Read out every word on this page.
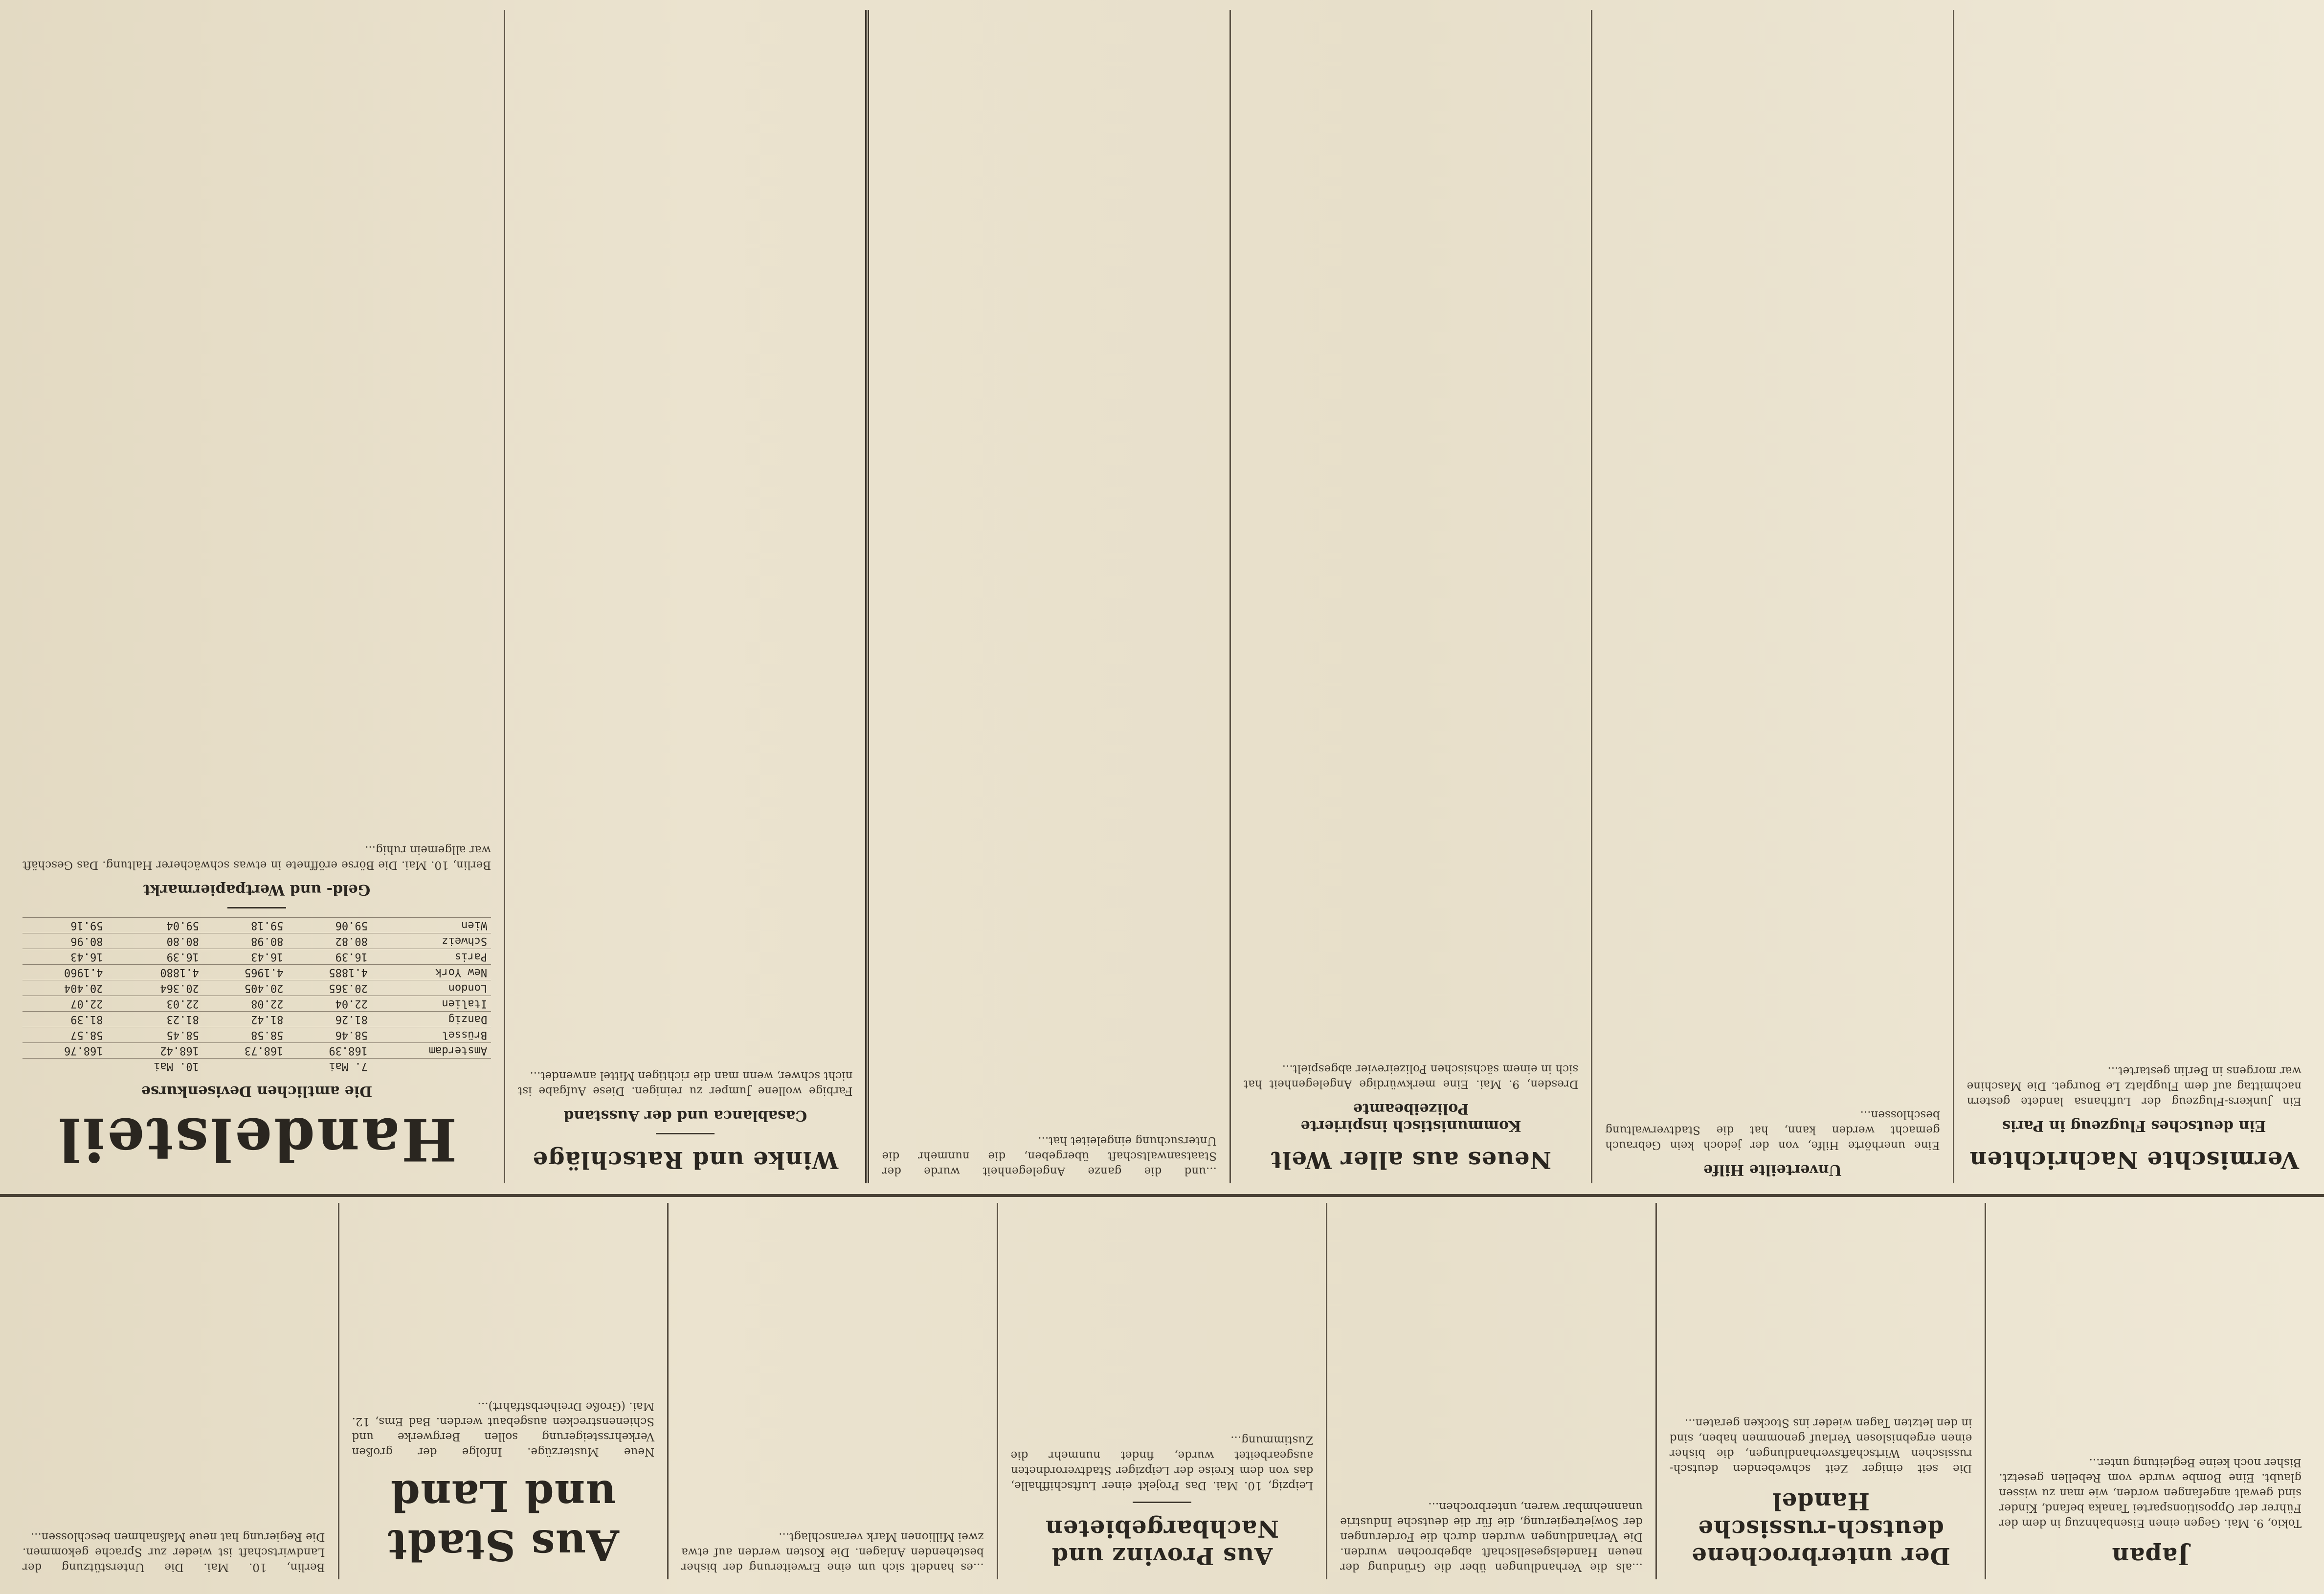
Japan
Tokio, 9. Mai. Gegen einen Eisenbahnzug in dem der Führer der Oppositionspartei Tanaka befand, Kinder sind gewalt angefangen worden, wie man zu wissen glaubt. Eine Bombe wurde vom Rebellen gesetzt. Bisher noch keine Begleitung unter...
Der unterbrochene deutsch-russische Handel
Die seit einiger Zeit schwebenden deutsch-russischen Wirtschaftsverhandlungen, die bisher einen ergebnislosen Verlauf genommen haben, sind in den letzten Tagen wieder ins Stocken geraten...
...als die Verhandlungen über die Gründung der neuen Handelsgesellschaft abgebrochen wurden. Die Verhandlungen wurden durch die Forderungen der Sowjetregierung, die für die deutsche Industrie unannehmbar waren, unterbrochen...
Aus Provinz und Nachbargebieten
Leipzig, 10. Mai. Das Projekt einer Luftschiffhalle, das von dem Kreise der Leipziger Stadtverordneten ausgearbeitet wurde, findet nunmehr die Zustimmung...
...es handelt sich um eine Erweiterung der bisher bestehenden Anlagen. Die Kosten werden auf etwa zwei Millionen Mark veranschlagt...
Aus Stadt und Land
Neue Musterzüge. Infolge der großen Verkehrssteigerung sollen Bergwerke und Schienenstrecken ausgebaut werden. Bad Ems, 12. Mai. (Große Dreiherbstfahrt)...
Berlin, 10. Mai. Die Unterstützung der Landwirtschaft ist wieder zur Sprache gekommen. Die Regierung hat neue Maßnahmen beschlossen...
Vermischte Nachrichten
Ein deutsches Flugzeug in Paris
Ein Junkers-Flugzeug der Lufthansa landete gestern nachmittag auf dem Flugplatz Le Bourget. Die Maschine war morgens in Berlin gestartet...
Unverteilte Hilfe
Eine unerhörte Hilfe, von der jedoch kein Gebrauch gemacht werden kann, hat die Stadtverwaltung beschlossen...
Neues aus aller Welt
Kommunistisch inspirierte Polizeibeamte
Dresden, 9. Mai. Eine merkwürdige Angelegenheit hat sich in einem sächsischen Polizeirevier abgespielt...
...und die ganze Angelegenheit wurde der Staatsanwaltschaft übergeben, die nunmehr die Untersuchung eingeleitet hat...
Winke und Ratschläge
Casablanca und der Ausstand
Farbige wollene Jumper zu reinigen. Diese Aufgabe ist nicht schwer, wenn man die richtigen Mittel anwendet...
Handelsteil
Die amtlichen Devisenkurse
	7. Mai		10. Mai	
Amsterdam	168.39	168.73	168.42	168.76
Brüssel	58.46	58.58	58.45	58.57
Danzig	81.26	81.42	81.23	81.39
Italien	22.04	22.08	22.03	22.07
London	20.365	20.405	20.364	20.404
New York	4.1885	4.1965	4.1880	4.1960
Paris	16.39	16.43	16.39	16.43
Schweiz	80.82	80.98	80.80	80.96
Wien	59.06	59.18	59.04	59.16
Geld- und Wertpapiermarkt
Berlin, 10. Mai. Die Börse eröffnete in etwas schwächerer Haltung. Das Geschäft war allgemein ruhig...
